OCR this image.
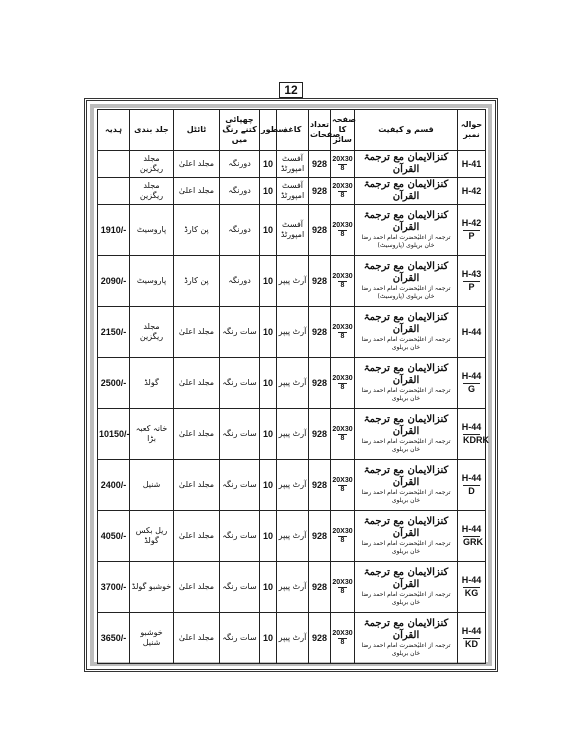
12
ہدیہ	جلد بندی	ٹائٹل	چھپائی کتنے رنگ میں	سطور	کاغذ	تعداد صفحات	صفحہ کا سائز	قسم و کیفیت	حوالہ نمبر
	مجلد ریگزین	مجلد اعلیٰ	دورنگہ	10	آفسٹ امپورٹڈ	928	20X30
8	کنزالایمان مع ترجمۃ القرآن	H-41

	مجلد ریگزین	مجلد اعلیٰ	دورنگہ	10	آفسٹ امپورٹڈ	928	20X30
8	کنزالایمان مع ترجمۃ القرآن	H-42

1910/-	پاروسیٹ	پن کارڈ	دورنگہ	10	آفسٹ امپورٹڈ	928	20X30
8	کنزالایمان مع ترجمۃ القرآن
ترجمہ از اعلیٰحضرت امام احمد رضا خان بریلوی (پاروسیٹ)	H-42
P

2090/-	پاروسیٹ	پن کارڈ	دورنگہ	10	آرٹ پیپر	928	20X30
8	کنزالایمان مع ترجمۃ القرآن
ترجمہ از اعلیٰحضرت امام احمد رضا خان بریلوی (پاروسیٹ)	H-43
P

2150/-	مجلد ریگزین	مجلد اعلیٰ	سات رنگہ	10	آرٹ پیپر	928	20X30
8	کنزالایمان مع ترجمۃ القرآن
ترجمہ از اعلیٰحضرت امام احمد رضا خان بریلوی	H-44

2500/-	گولڈ	مجلد اعلیٰ	سات رنگہ	10	آرٹ پیپر	928	20X30
8	کنزالایمان مع ترجمۃ القرآن
ترجمہ از اعلیٰحضرت امام احمد رضا خان بریلوی	H-44
G

10150/-	خانہ کعبہ بڑا	مجلد اعلیٰ	سات رنگہ	10	آرٹ پیپر	928	20X30
8	کنزالایمان مع ترجمۃ القرآن
ترجمہ از اعلیٰحضرت امام احمد رضا خان بریلوی	H-44
KDRK

2400/-	شنیل	مجلد اعلیٰ	سات رنگہ	10	آرٹ پیپر	928	20X30
8	کنزالایمان مع ترجمۃ القرآن
ترجمہ از اعلیٰحضرت امام احمد رضا خان بریلوی	H-44
D

4050/-	ریل بکس گولڈ	مجلد اعلیٰ	سات رنگہ	10	آرٹ پیپر	928	20X30
8	کنزالایمان مع ترجمۃ القرآن
ترجمہ از اعلیٰحضرت امام احمد رضا خان بریلوی	H-44
GRK

3700/-	خوشبو گولڈ	مجلد اعلیٰ	سات رنگہ	10	آرٹ پیپر	928	20X30
8	کنزالایمان مع ترجمۃ القرآن
ترجمہ از اعلیٰحضرت امام احمد رضا خان بریلوی	H-44
KG

3650/-	خوشبو شنیل	مجلد اعلیٰ	سات رنگہ	10	آرٹ پیپر	928	20X30
8	کنزالایمان مع ترجمۃ القرآن
ترجمہ از اعلیٰحضرت امام احمد رضا خان بریلوی	H-44
KD
